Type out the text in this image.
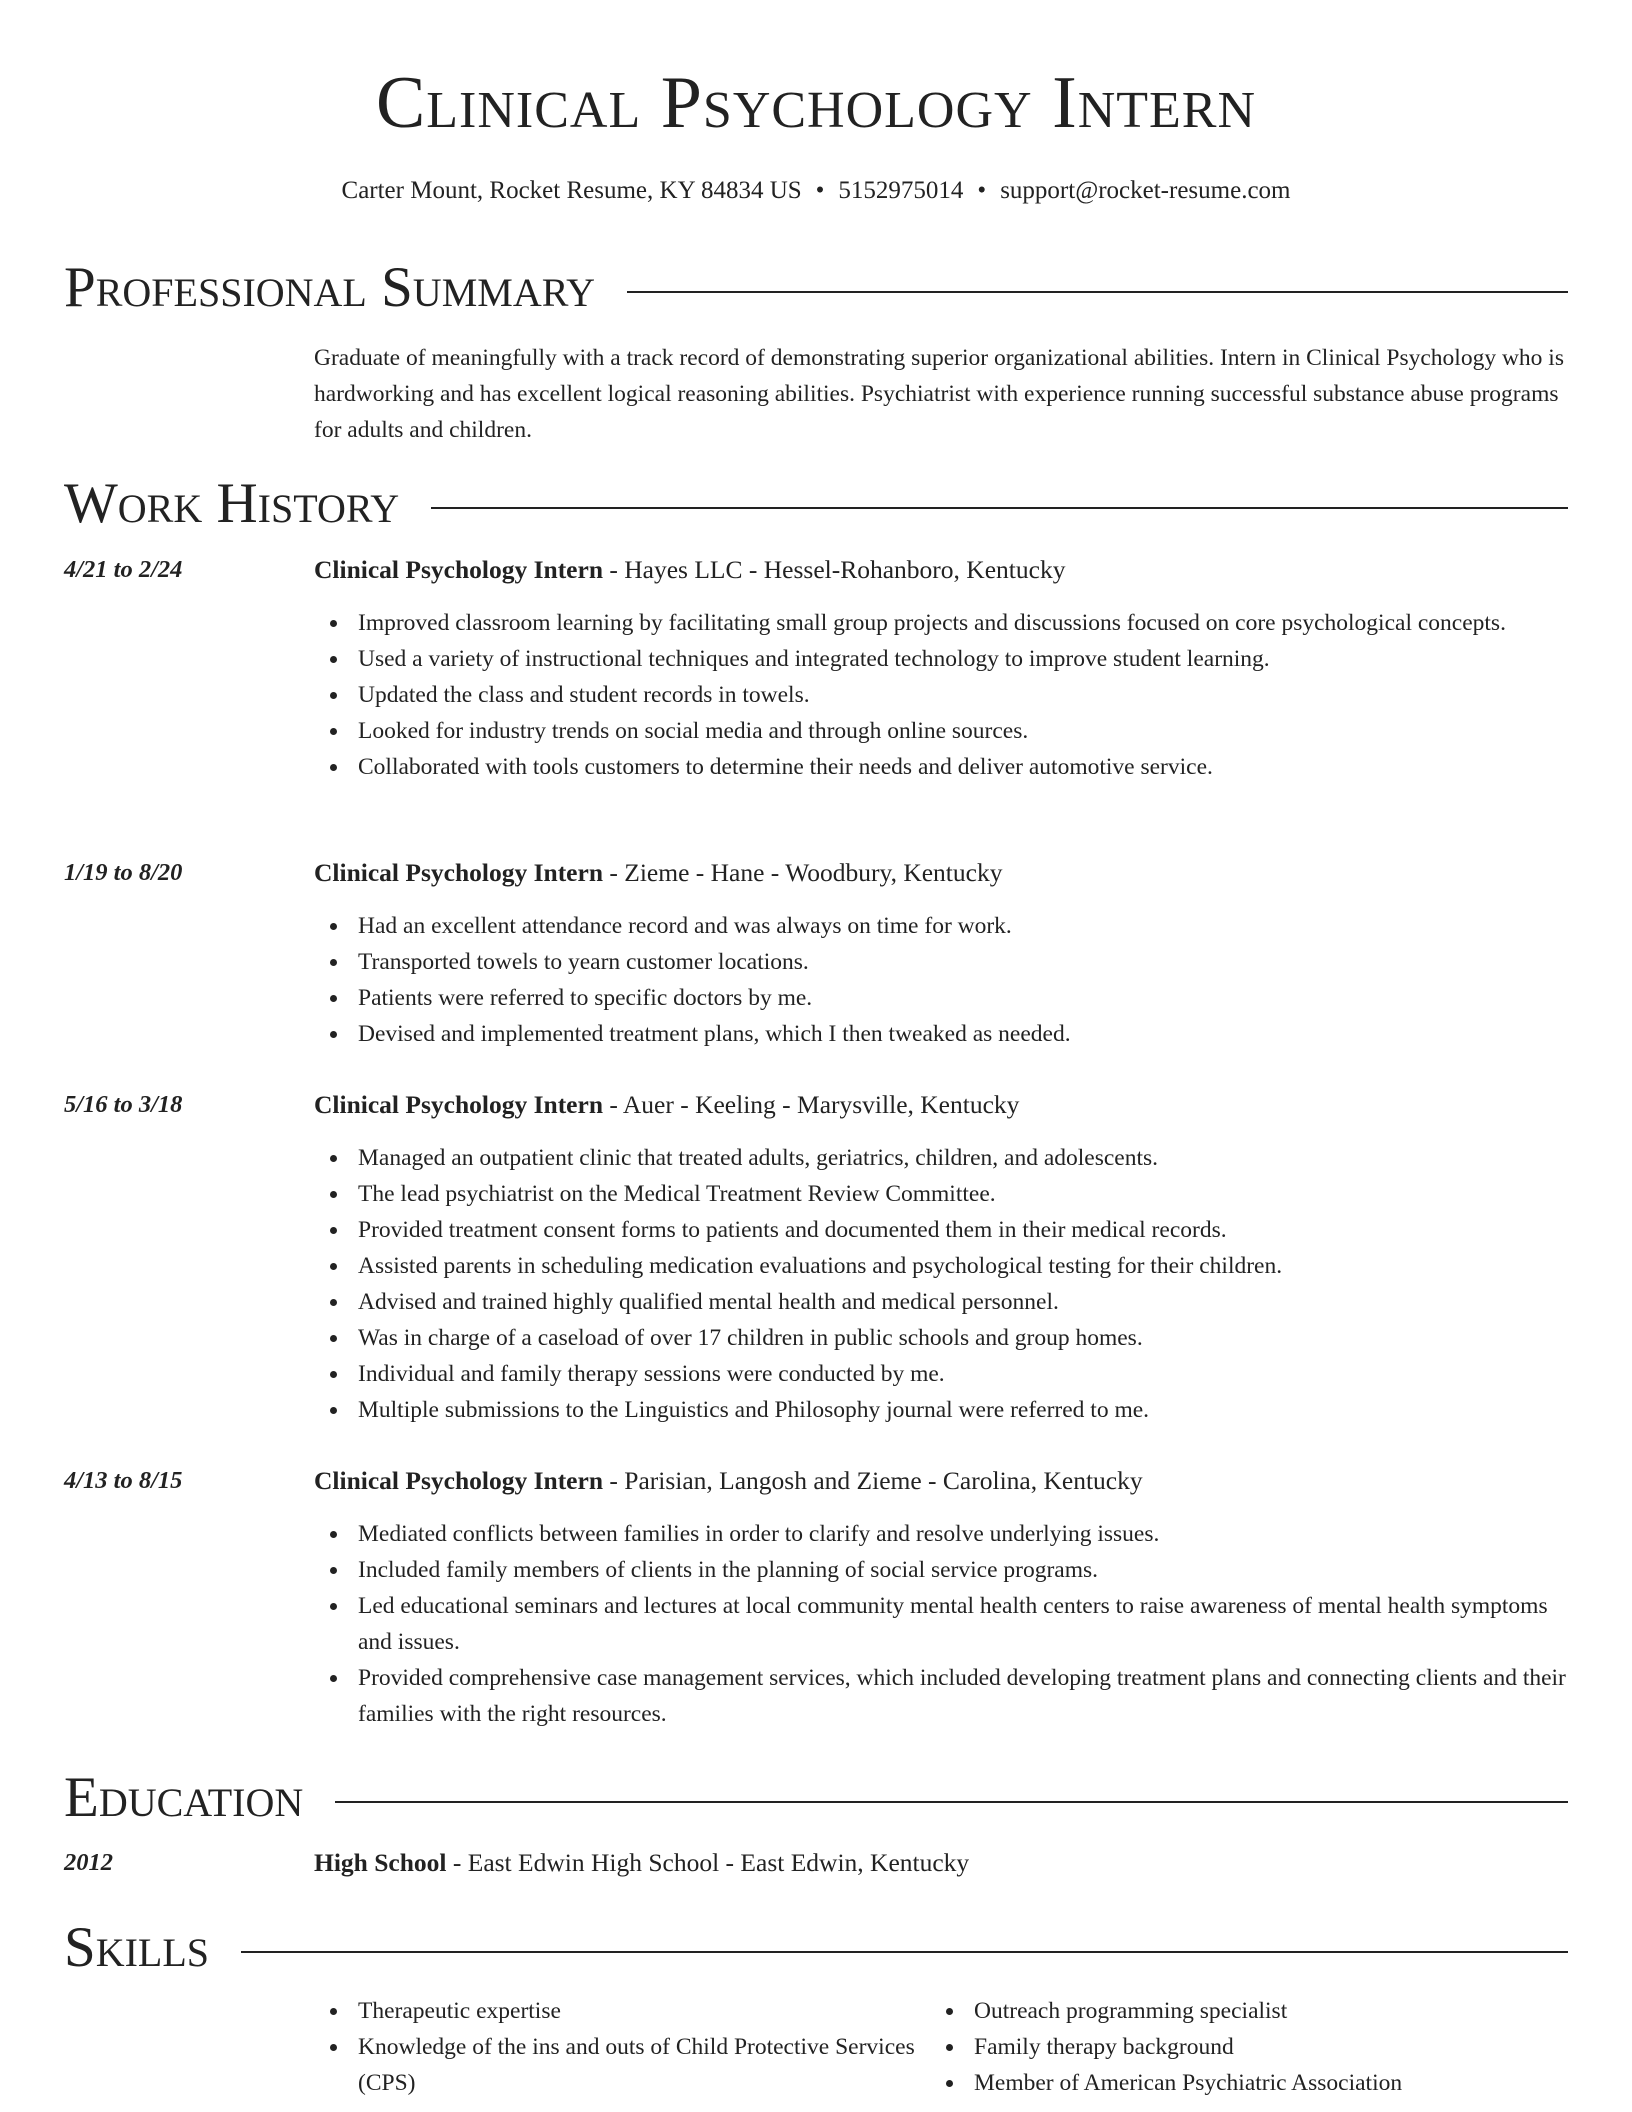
Clinical Psychology Intern
Carter Mount, Rocket Resume, KY 84834 US • 5152975014 • support@rocket-resume.com
Professional Summary
Graduate of meaningfully with a track record of demonstrating superior organizational abilities. Intern in Clinical Psychology who is hardworking and has excellent logical reasoning abilities. Psychiatrist with experience running successful substance abuse programs for adults and children.
Work History
4/21 to 2/24	Clinical Psychology Intern - Hayes LLC - Hessel-Rohanboro, Kentucky
Improved classroom learning by facilitating small group projects and discussions focused on core psychological concepts.
Used a variety of instructional techniques and integrated technology to improve student learning.
Updated the class and student records in towels.
Looked for industry trends on social media and through online sources.
Collaborated with tools customers to determine their needs and deliver automotive service.
1/19 to 8/20	Clinical Psychology Intern - Zieme - Hane - Woodbury, Kentucky
Had an excellent attendance record and was always on time for work.
Transported towels to yearn customer locations.
Patients were referred to specific doctors by me.
Devised and implemented treatment plans, which I then tweaked as needed.
5/16 to 3/18	Clinical Psychology Intern - Auer - Keeling - Marysville, Kentucky
Managed an outpatient clinic that treated adults, geriatrics, children, and adolescents.
The lead psychiatrist on the Medical Treatment Review Committee.
Provided treatment consent forms to patients and documented them in their medical records.
Assisted parents in scheduling medication evaluations and psychological testing for their children.
Advised and trained highly qualified mental health and medical personnel.
Was in charge of a caseload of over 17 children in public schools and group homes.
Individual and family therapy sessions were conducted by me.
Multiple submissions to the Linguistics and Philosophy journal were referred to me.
4/13 to 8/15	Clinical Psychology Intern - Parisian, Langosh and Zieme - Carolina, Kentucky
Mediated conflicts between families in order to clarify and resolve underlying issues.
Included family members of clients in the planning of social service programs.
Led educational seminars and lectures at local community mental health centers to raise awareness of mental health symptoms and issues.
Provided comprehensive case management services, which included developing treatment plans and connecting clients and their families with the right resources.
Education
2012	High School - East Edwin High School - East Edwin, Kentucky
Skills
Therapeutic expertise
Knowledge of the ins and outs of Child Protective Services (CPS)
Outreach programming specialist
Family therapy background
Member of American Psychiatric Association
